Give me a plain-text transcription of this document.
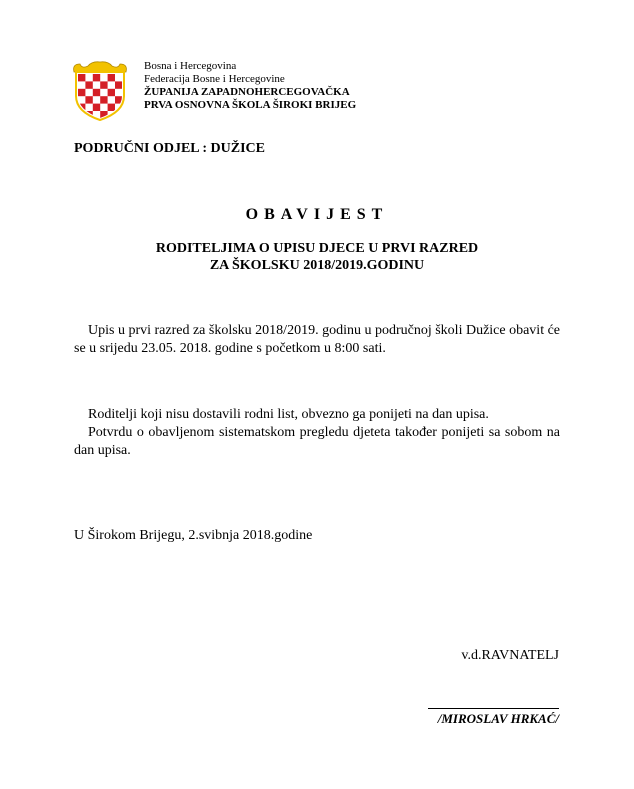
Bosna i Hercegovina
Federacija Bosne i Hercegovine
ŽUPANIJA ZAPADNOHERCEGOVAČKA
PRVA OSNOVNA ŠKOLA ŠIROKI BRIJEG
PODRUČNI ODJEL : DUŽICE
OBAVIJEST
RODITELJIMA O UPISU DJECE U PRVI RAZRED
ZA ŠKOLSKU 2018/2019.GODINU
Upis u prvi razred za školsku 2018/2019. godinu u područnoj školi Dužice obavit će se u srijedu 23.05. 2018. godine s početkom u 8:00 sati.
Roditelji koji nisu dostavili rodni list, obvezno ga ponijeti na dan upisa.
Potvrdu o obavljenom sistematskom pregledu djeteta također ponijeti sa sobom na dan upisa.
U Širokom Brijegu, 2.svibnja 2018.godine
v.d.RAVNATELJ
/MIROSLAV HRKAĆ/
